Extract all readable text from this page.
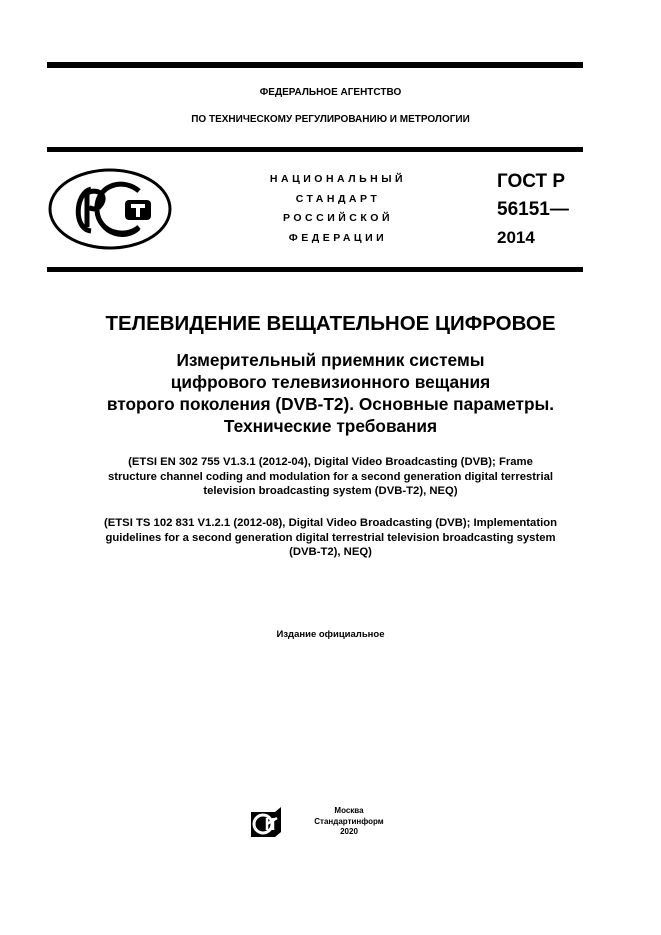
ФЕДЕРАЛЬНОЕ АГЕНТСТВО
ПО ТЕХНИЧЕСКОМУ РЕГУЛИРОВАНИЮ И МЕТРОЛОГИИ
НАЦИОНАЛЬНЫЙ
СТАНДАРТ
РОССИЙСКОЙ
ФЕДЕРАЦИИ
ГОСТ Р
56151—
2014
ТЕЛЕВИДЕНИЕ ВЕЩАТЕЛЬНОЕ ЦИФРОВОЕ
Измерительный приемник системы
цифрового телевизионного вещания
второго поколения (DVB-T2). Основные параметры.
Технические требования
(ETSI EN 302 755 V1.3.1 (2012-04), Digital Video Broadcasting (DVB); Frame
structure channel coding and modulation for a second generation digital terrestrial
television broadcasting system (DVB-T2), NEQ)
(ETSI TS 102 831 V1.2.1 (2012-08), Digital Video Broadcasting (DVB); Implementation
guidelines for a second generation digital terrestrial television broadcasting system
(DVB-T2), NEQ)
Издание официальное
Москва
Стандартинформ
2020
